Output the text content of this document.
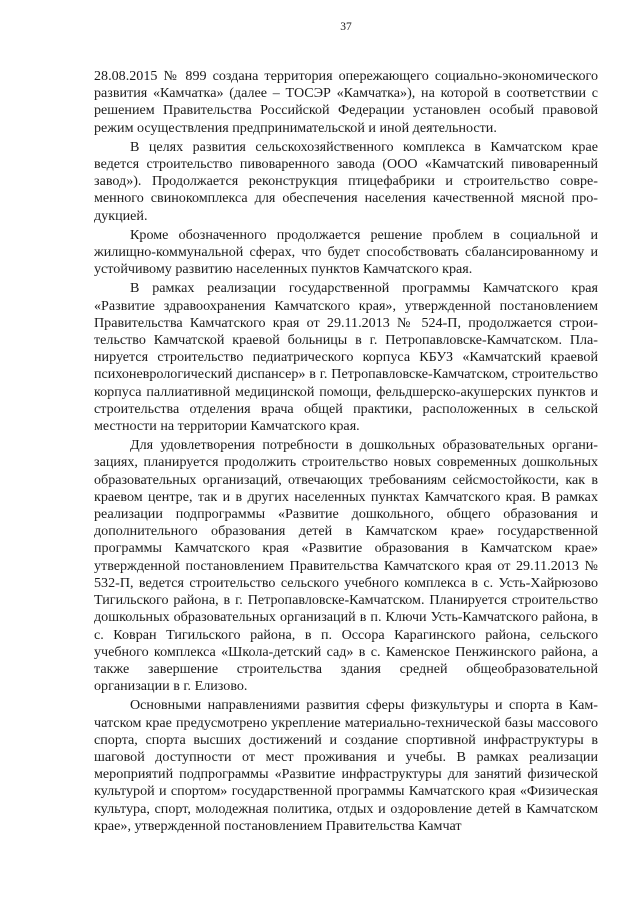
37

28.08.2015 № 899 создана территория опережающего социально-экономического развития «Камчатка» (далее – ТОСЭР «Камчатка»), на которой в соответствии с решением Правительства Российской Федерации установлен особый правовой режим осуществления предпринимательской и иной деятельности.

В целях развития сельскохозяйственного комплекса в Камчатском крае ведется строительство пивоваренного завода (ООО «Камчатский пивоваренный завод»). Продолжается реконструкция птицефабрики и строительство современного свинокомплекса для обеспечения населения качественной мясной продукцией.

Кроме обозначенного продолжается решение проблем в социальной и жилищно-коммунальной сферах, что будет способствовать сбалансированному и устойчивому развитию населенных пунктов Камчатского края.

В рамках реализации государственной программы Камчатского края «Развитие здравоохранения Камчатского края», утвержденной постановлением Правительства Камчатского края от 29.11.2013 № 524-П, продолжается строительство Камчатской краевой больницы в г. Петропавловске-Камчатском. Планируется строительство педиатрического корпуса КБУЗ «Камчатский краевой психоневрологический диспансер» в г. Петропавловске-Камчатском, строительство корпуса паллиативной медицинской помощи, фельдшерско-акушерских пунктов и строительства отделения врача общей практики, расположенных в сельской местности на территории Камчатского края.

Для удовлетворения потребности в дошкольных образовательных организациях, планируется продолжить строительство новых современных дошкольных образовательных организаций, отвечающих требованиям сейсмостойкости, как в краевом центре, так и в других населенных пунктах Камчатского края. В рамках реализации подпрограммы «Развитие дошкольного, общего образования и дополнительного образования детей в Камчатском крае» государственной программы Камчатского края «Развитие образования в Камчатском крае» утвержденной постановлением Правительства Камчатского края от 29.11.2013 № 532-П, ведется строительство сельского учебного комплекса в с. Усть-Хайрюзово Тигильского района, в г. Петропавловске-Камчатском. Планируется строительство дошкольных образовательных организаций в п. Ключи Усть-Камчатского района, в с. Ковран Тигильского района, в п. Оссора Карагинского района, сельского учебного комплекса «Школа-детский сад» в с. Каменское Пенжинского района, а также завершение строительства здания средней общеобразовательной организации в г. Елизово.

Основными направлениями развития сферы физкультуры и спорта в Камчатском крае предусмотрено укрепление материально-технической базы массового спорта, спорта высших достижений и создание спортивной инфраструктуры в шаговой доступности от мест проживания и учебы. В рамках реализации мероприятий подпрограммы «Развитие инфраструктуры для занятий физической культурой и спортом» государственной программы Камчатского края «Физическая культура, спорт, молодежная политика, отдых и оздоровление детей в Камчатском крае», утвержденной постановлением Правительства Камчат
